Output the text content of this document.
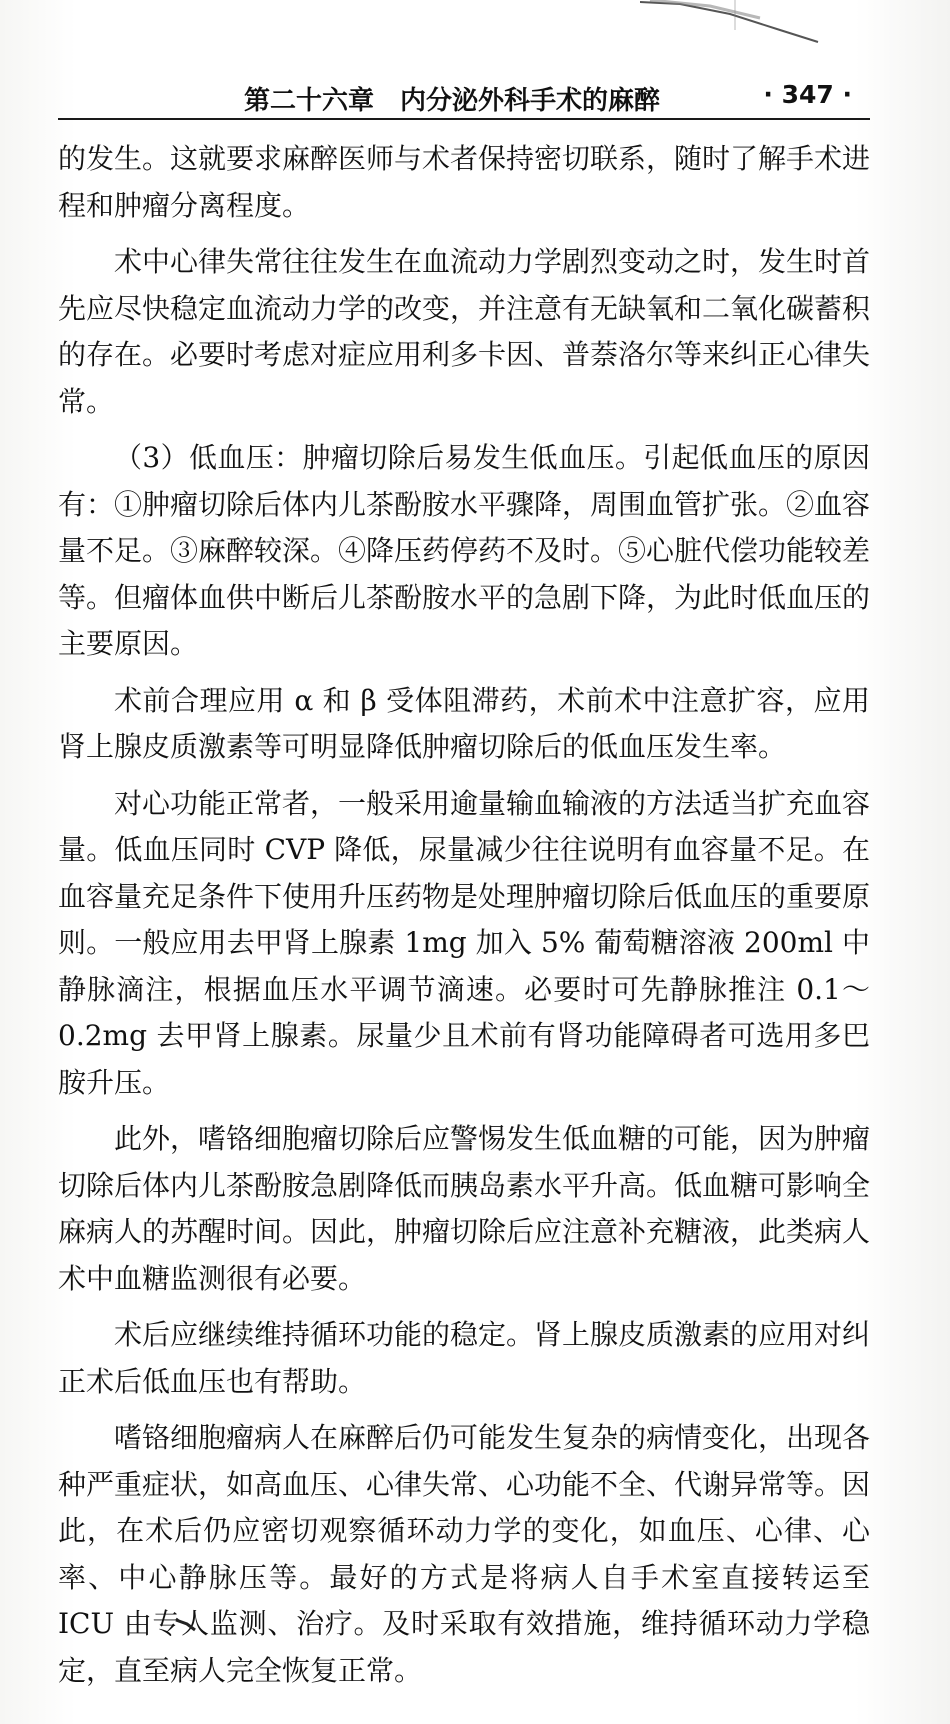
第二十六章　内分泌外科手术的麻醉	· 347 ·

的发生。这就要求麻醉医师与术者保持密切联系，随时了解手术进程和肿瘤分离程度。

术中心律失常往往发生在血流动力学剧烈变动之时，发生时首先应尽快稳定血流动力学的改变，并注意有无缺氧和二氧化碳蓄积的存在。必要时考虑对症应用利多卡因、普萘洛尔等来纠正心律失常。

（3）低血压：肿瘤切除后易发生低血压。引起低血压的原因有：①肿瘤切除后体内儿茶酚胺水平骤降，周围血管扩张。②血容量不足。③麻醉较深。④降压药停药不及时。⑤心脏代偿功能较差等。但瘤体血供中断后儿茶酚胺水平的急剧下降，为此时低血压的主要原因。

术前合理应用 α 和 β 受体阻滞药，术前术中注意扩容，应用肾上腺皮质激素等可明显降低肿瘤切除后的低血压发生率。

对心功能正常者，一般采用逾量输血输液的方法适当扩充血容量。低血压同时 CVP 降低，尿量减少往往说明有血容量不足。在血容量充足条件下使用升压药物是处理肿瘤切除后低血压的重要原则。一般应用去甲肾上腺素 1mg 加入 5% 葡萄糖溶液 200ml 中静脉滴注，根据血压水平调节滴速。必要时可先静脉推注 0.1～0.2mg 去甲肾上腺素。尿量少且术前有肾功能障碍者可选用多巴胺升压。

此外，嗜铬细胞瘤切除后应警惕发生低血糖的可能，因为肿瘤切除后体内儿茶酚胺急剧降低而胰岛素水平升高。低血糖可影响全麻病人的苏醒时间。因此，肿瘤切除后应注意补充糖液，此类病人术中血糖监测很有必要。

术后应继续维持循环功能的稳定。肾上腺皮质激素的应用对纠正术后低血压也有帮助。

嗜铬细胞瘤病人在麻醉后仍可能发生复杂的病情变化，出现各种严重症状，如高血压、心律失常、心功能不全、代谢异常等。因此，在术后仍应密切观察循环动力学的变化，如血压、心律、心率、中心静脉压等。最好的方式是将病人自手术室直接转运至 ICU 由专人监测、治疗。及时采取有效措施，维持循环动力学稳定，直至病人完全恢复正常。
